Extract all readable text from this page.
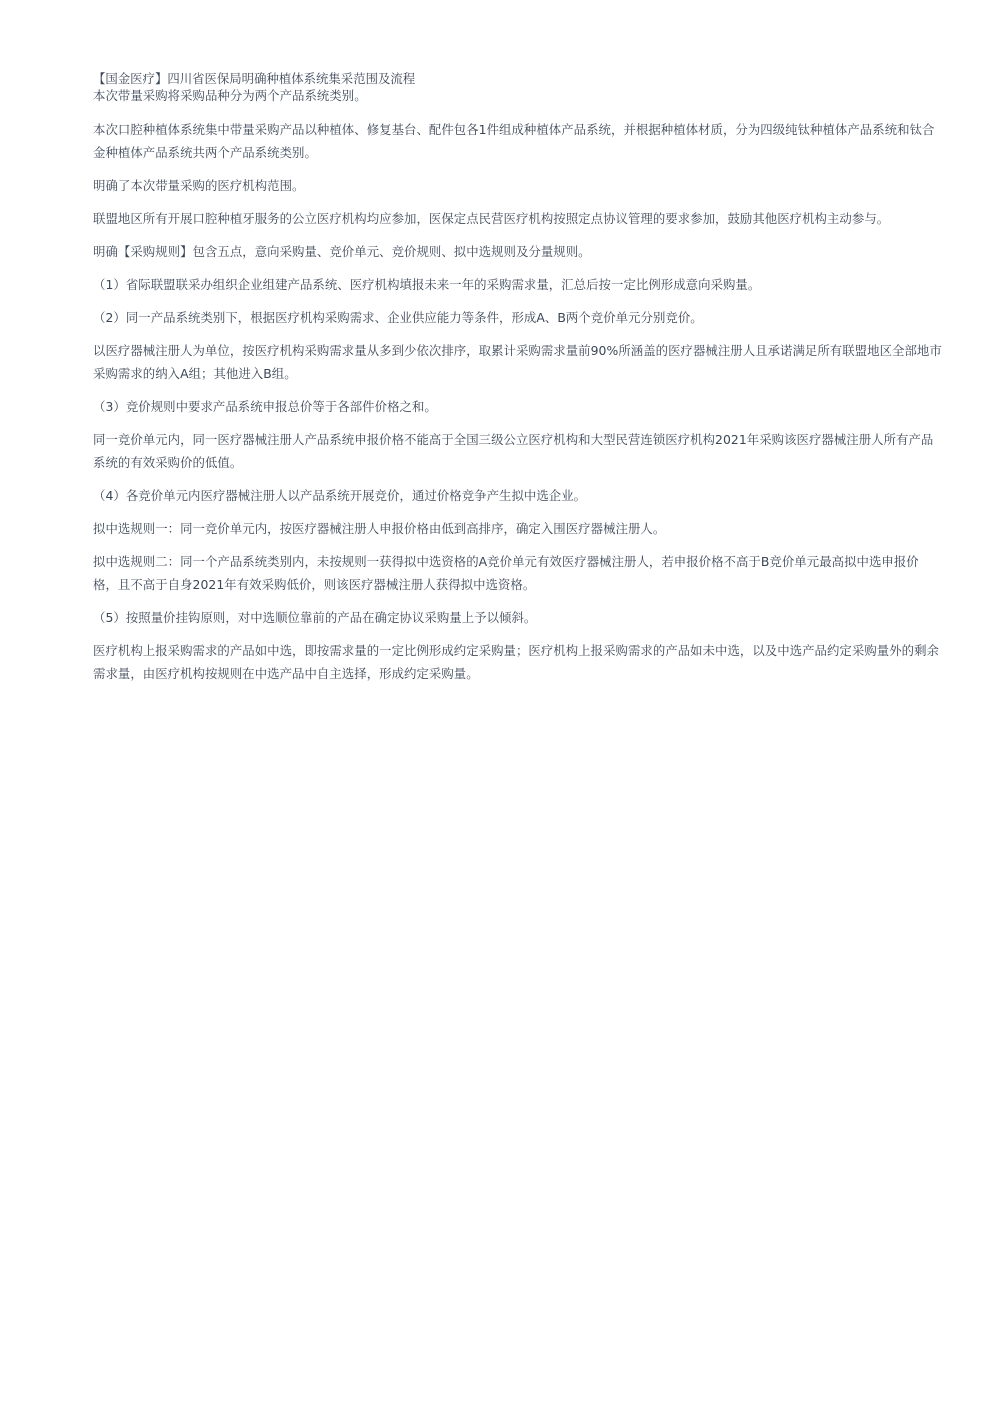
【国金医疗】四川省医保局明确种植体系统集采范围及流程

本次带量采购将采购品种分为两个产品系统类别。

本次口腔种植体系统集中带量采购产品以种植体、修复基台、配件包各1件组成种植体产品系统，并根据种植体材质，分为四级纯钛种植体产品系统和钛合金种植体产品系统共两个产品系统类别。

明确了本次带量采购的医疗机构范围。

联盟地区所有开展口腔种植牙服务的公立医疗机构均应参加，医保定点民营医疗机构按照定点协议管理的要求参加，鼓励其他医疗机构主动参与。

明确【采购规则】包含五点，意向采购量、竞价单元、竞价规则、拟中选规则及分量规则。

（1）省际联盟联采办组织企业组建产品系统、医疗机构填报未来一年的采购需求量，汇总后按一定比例形成意向采购量。

（2）同一产品系统类别下，根据医疗机构采购需求、企业供应能力等条件，形成A、B两个竞价单元分别竞价。

以医疗器械注册人为单位，按医疗机构采购需求量从多到少依次排序，取累计采购需求量前90%所涵盖的医疗器械注册人且承诺满足所有联盟地区全部地市采购需求的纳入A组；其他进入B组。

（3）竞价规则中要求产品系统申报总价等于各部件价格之和。

同一竞价单元内，同一医疗器械注册人产品系统申报价格不能高于全国三级公立医疗机构和大型民营连锁医疗机构2021年采购该医疗器械注册人所有产品系统的有效采购价的低值。

（4）各竞价单元内医疗器械注册人以产品系统开展竞价，通过价格竞争产生拟中选企业。

拟中选规则一：同一竞价单元内，按医疗器械注册人申报价格由低到高排序，确定入围医疗器械注册人。

拟中选规则二：同一个产品系统类别内，未按规则一获得拟中选资格的A竞价单元有效医疗器械注册人，若申报价格不高于B竞价单元最高拟中选申报价格，且不高于自身2021年有效采购低价，则该医疗器械注册人获得拟中选资格。

（5）按照量价挂钩原则，对中选顺位靠前的产品在确定协议采购量上予以倾斜。

医疗机构上报采购需求的产品如中选，即按需求量的一定比例形成约定采购量；医疗机构上报采购需求的产品如未中选，以及中选产品约定采购量外的剩余需求量，由医疗机构按规则在中选产品中自主选择，形成约定采购量。
